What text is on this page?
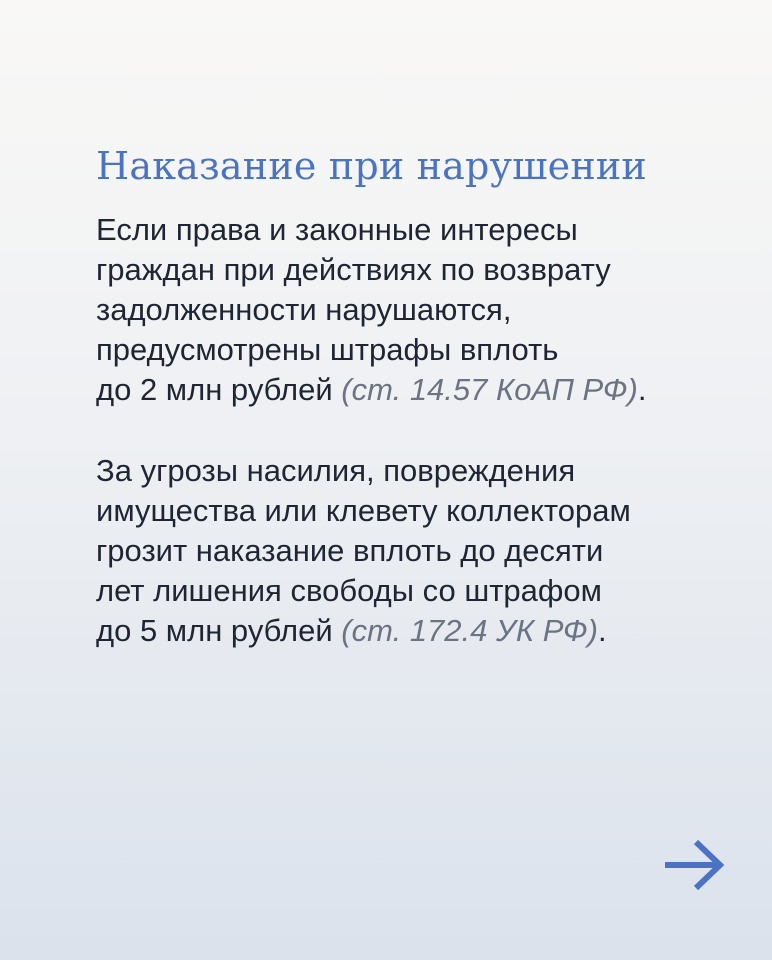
Наказание при нарушении

Если права и законные интересы
граждан при действиях по возврату
задолженности нарушаются,
предусмотрены штрафы вплоть
до 2 млн рублей (ст. 14.57 КоАП РФ).

За угрозы насилия, повреждения
имущества или клевету коллекторам
грозит наказание вплоть до десяти
лет лишения свободы со штрафом
до 5 млн рублей (ст. 172.4 УК РФ).
